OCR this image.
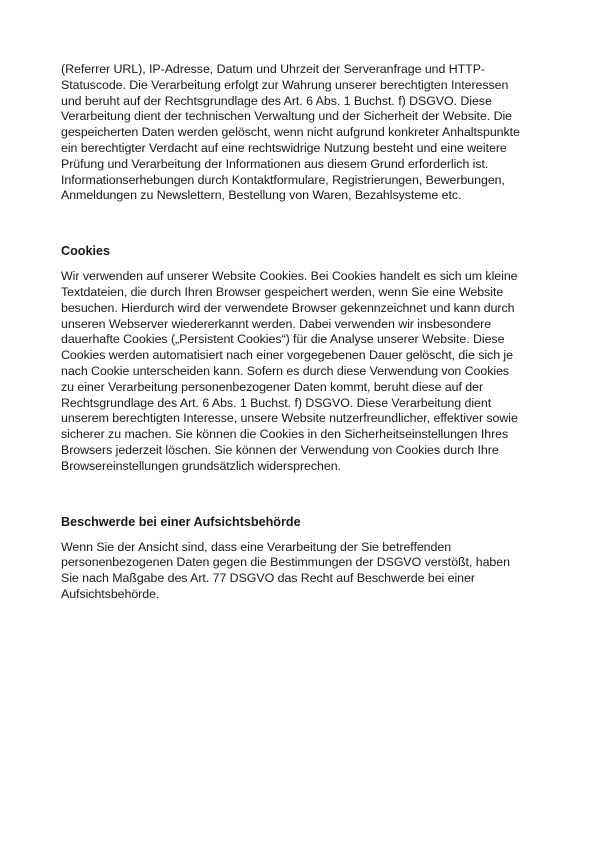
(Referrer URL), IP-Adresse, Datum und Uhrzeit der Serveranfrage und HTTP-
Statuscode. Die Verarbeitung erfolgt zur Wahrung unserer berechtigten Interessen
und beruht auf der Rechtsgrundlage des Art. 6 Abs. 1 Buchst. f) DSGVO. Diese
Verarbeitung dient der technischen Verwaltung und der Sicherheit der Website. Die
gespeicherten Daten werden gelöscht, wenn nicht aufgrund konkreter Anhaltspunkte
ein berechtigter Verdacht auf eine rechtswidrige Nutzung besteht und eine weitere
Prüfung und Verarbeitung der Informationen aus diesem Grund erforderlich ist.
Informationserhebungen durch Kontaktformulare, Registrierungen, Bewerbungen,
Anmeldungen zu Newslettern, Bestellung von Waren, Bezahlsysteme etc.

Cookies

Wir verwenden auf unserer Website Cookies. Bei Cookies handelt es sich um kleine
Textdateien, die durch Ihren Browser gespeichert werden, wenn Sie eine Website
besuchen. Hierdurch wird der verwendete Browser gekennzeichnet und kann durch
unseren Webserver wiedererkannt werden. Dabei verwenden wir insbesondere
dauerhafte Cookies („Persistent Cookies“) für die Analyse unserer Website. Diese
Cookies werden automatisiert nach einer vorgegebenen Dauer gelöscht, die sich je
nach Cookie unterscheiden kann. Sofern es durch diese Verwendung von Cookies
zu einer Verarbeitung personenbezogener Daten kommt, beruht diese auf der
Rechtsgrundlage des Art. 6 Abs. 1 Buchst. f) DSGVO. Diese Verarbeitung dient
unserem berechtigten Interesse, unsere Website nutzerfreundlicher, effektiver sowie
sicherer zu machen. Sie können die Cookies in den Sicherheitseinstellungen Ihres
Browsers jederzeit löschen. Sie können der Verwendung von Cookies durch Ihre
Browsereinstellungen grundsätzlich widersprechen.

Beschwerde bei einer Aufsichtsbehörde

Wenn Sie der Ansicht sind, dass eine Verarbeitung der Sie betreffenden
personenbezogenen Daten gegen die Bestimmungen der DSGVO verstößt, haben
Sie nach Maßgabe des Art. 77 DSGVO das Recht auf Beschwerde bei einer
Aufsichtsbehörde.
